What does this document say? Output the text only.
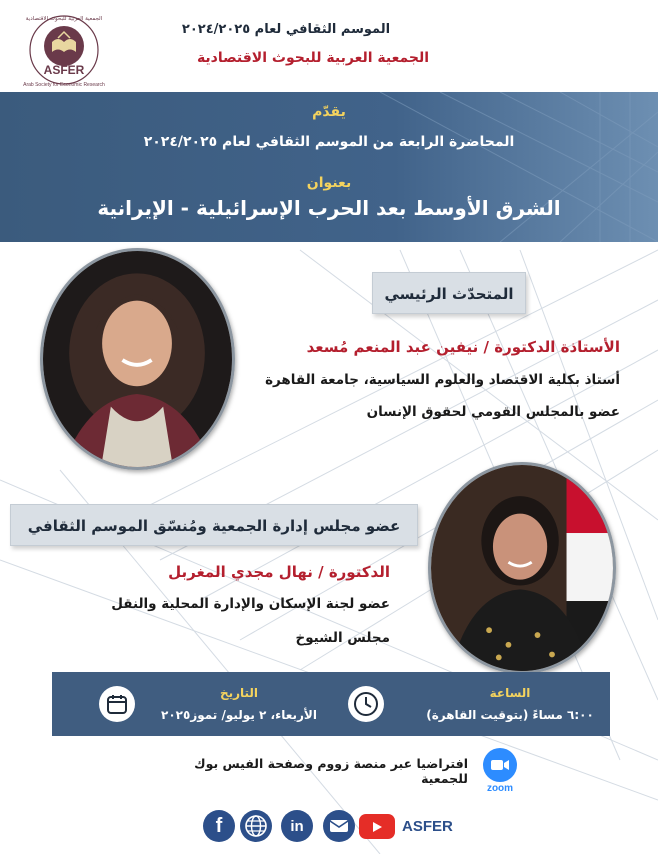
ASFER
Arab Society for Economic Research
الجمعية العربية للبحوث الاقتصادية
الموسم الثقافي لعام ٢٠٢٤/٢٠٢٥
الجمعية العربية للبحوث الاقتصادية
يقدّم
المحاضرة الرابعة من الموسم الثقافي لعام ٢٠٢٤/٢٠٢٥
بعنوان
الشرق الأوسط بعد الحرب الإسرائيلية - الإيرانية
المتحدّث الرئيسي
الأستاذة الدكتورة / نيفين عبد المنعم مُسعد
أستاذ بكلية الاقتصاد والعلوم السياسية، جامعة القاهرة
عضو بالمجلس القومي لحقوق الإنسان
عضو مجلس إدارة الجمعية ومُنسّق الموسم الثقافي
الدكتورة / نهال مجدي المغربل
عضو لجنة الإسكان والإدارة المحلية والنقل
مجلس الشيوخ
الساعة
٦:٠٠ مساءً (بتوقيت القاهرة)
التاريخ
الأربعاء، ٢ يوليو/ تموز٢٠٢٥
zoom
افتراضيا عبر منصة زووم وصفحة الفيس بوك للجمعية
f	in	ASFER
